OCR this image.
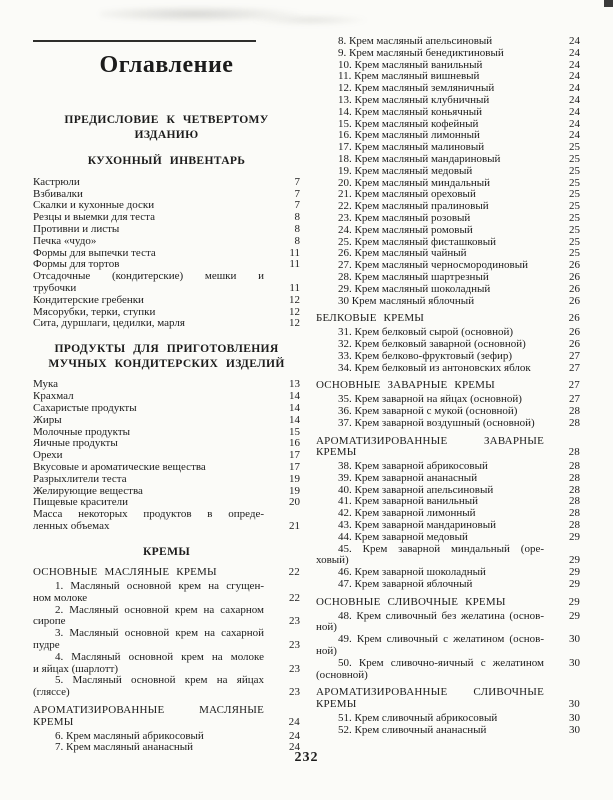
Оглавление
ПРЕДИСЛОВИЕ К ЧЕТВЕРТОМУ
ИЗДАНИЮ
КУХОННЫЙ ИНВЕНТАРЬ
Кастрюли	7
Взбивалки	7
Скалки и кухонные доски	7
Резцы и выемки для теста	8
Противни и листы	8
Печка «чудо»	8
Формы для выпечки теста	11
Формы для тортов	11
Отсадочные (кондитерские) мешки и
трубочки	11
Кондитерские гребенки	12
Мясорубки, терки, ступки	12
Сита, дуршлаги, цедилки, марля	12
ПРОДУКТЫ ДЛЯ ПРИГОТОВЛЕНИЯ
МУЧНЫХ КОНДИТЕРСКИХ ИЗДЕЛИЙ
Мука	13
Крахмал	14
Сахаристые продукты	14
Жиры	14
Молочные продукты	15
Яичные продукты	16
Орехи	17
Вкусовые и ароматические вещества	17
Разрыхлители теста	19
Желирующие вещества	19
Пищевые красители	20
Масса некоторых продуктов в опреде-
ленных объемах	21
КРЕМЫ
ОСНОВНЫЕ МАСЛЯНЫЕ КРЕМЫ	22
1. Масляный основной крем на сгущен-
ном молоке	22
2. Масляный основной крем на сахарном
сиропе	23
3. Масляный основной крем на сахарной
пудре	23
4. Масляный основной крем на молоке
и яйцах (шарлотт)	23
5. Масляный основной крем на яйцах
(гляссе)	23
АРОМАТИЗИРОВАННЫЕ МАСЛЯНЫЕ
КРЕМЫ	24
6. Крем масляный абрикосовый	24
7. Крем масляный ананасный	24
8. Крем масляный апельсиновый	24
9. Крем масляный бенедиктиновый	24
10. Крем масляный ванильный	24
11. Крем масляный вишневый	24
12. Крем масляный земляничный	24
13. Крем масляный клубничный	24
14. Крем масляный коньячный	24
15. Крем масляный кофейный	24
16. Крем масляный лимонный	24
17. Крем масляный малиновый	25
18. Крем масляный мандариновый	25
19. Крем масляный медовый	25
20. Крем масляный миндальный	25
21. Крем масляный ореховый	25
22. Крем масляный пралиновый	25
23. Крем масляный розовый	25
24. Крем масляный ромовый	25
25. Крем масляный фисташковый	25
26. Крем масляный чайный	25
27. Крем масляный черносмородиновый	26
28. Крем масляный шартрезный	26
29. Крем масляный шоколадный	26
30 Крем масляный яблочный	26
БЕЛКОВЫЕ КРЕМЫ	26
31. Крем белковый сырой (основной)	26
32. Крем белковый заварной (основной)	26
33. Крем белково-фруктовый (зефир)	27
34. Крем белковый из антоновских яблок	27
ОСНОВНЫЕ ЗАВАРНЫЕ КРЕМЫ	27
35. Крем заварной на яйцах (основной)	27
36. Крем заварной с мукой (основной)	28
37. Крем заварной воздушный (основной)	28
АРОМАТИЗИРОВАННЫЕ ЗАВАРНЫЕ
КРЕМЫ	28
38. Крем заварной абрикосовый	28
39. Крем заварной ананасный	28
40. Крем заварной апельсиновый	28
41. Крем заварной ванильный	28
42. Крем заварной лимонный	28
43. Крем заварной мандариновый	28
44. Крем заварной медовый	29
45. Крем заварной миндальный (оре-
ховый)	29
46. Крем заварной шоколадный	29
47. Крем заварной яблочный	29
ОСНОВНЫЕ СЛИВОЧНЫЕ КРЕМЫ	29
48. Крем сливочный без желатина (основ-	29
ной)
49. Крем сливочный с желатином (основ-	30
ной)
50. Крем сливочно-яичный с желатином	30
(основной)
АРОМАТИЗИРОВАННЫЕ СЛИВОЧНЫЕ
КРЕМЫ	30
51. Крем сливочный абрикосовый	30
52. Крем сливочный ананасный	30
232
